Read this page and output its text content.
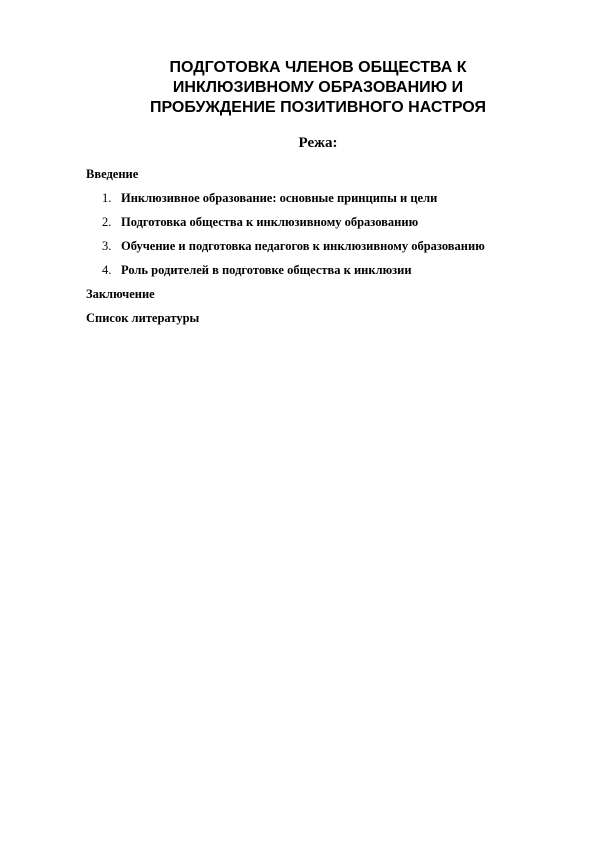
ПОДГОТОВКА ЧЛЕНОВ ОБЩЕСТВА К
ИНКЛЮЗИВНОМУ ОБРАЗОВАНИЮ И
ПРОБУЖДЕНИЕ ПОЗИТИВНОГО НАСТРОЯ

Режа:

Введение
1. Инклюзивное образование: основные принципы и цели
2. Подготовка общества к инклюзивному образованию
3. Обучение и подготовка педагогов к инклюзивному образованию
4. Роль родителей в подготовке общества к инклюзии
Заключение
Список литературы
